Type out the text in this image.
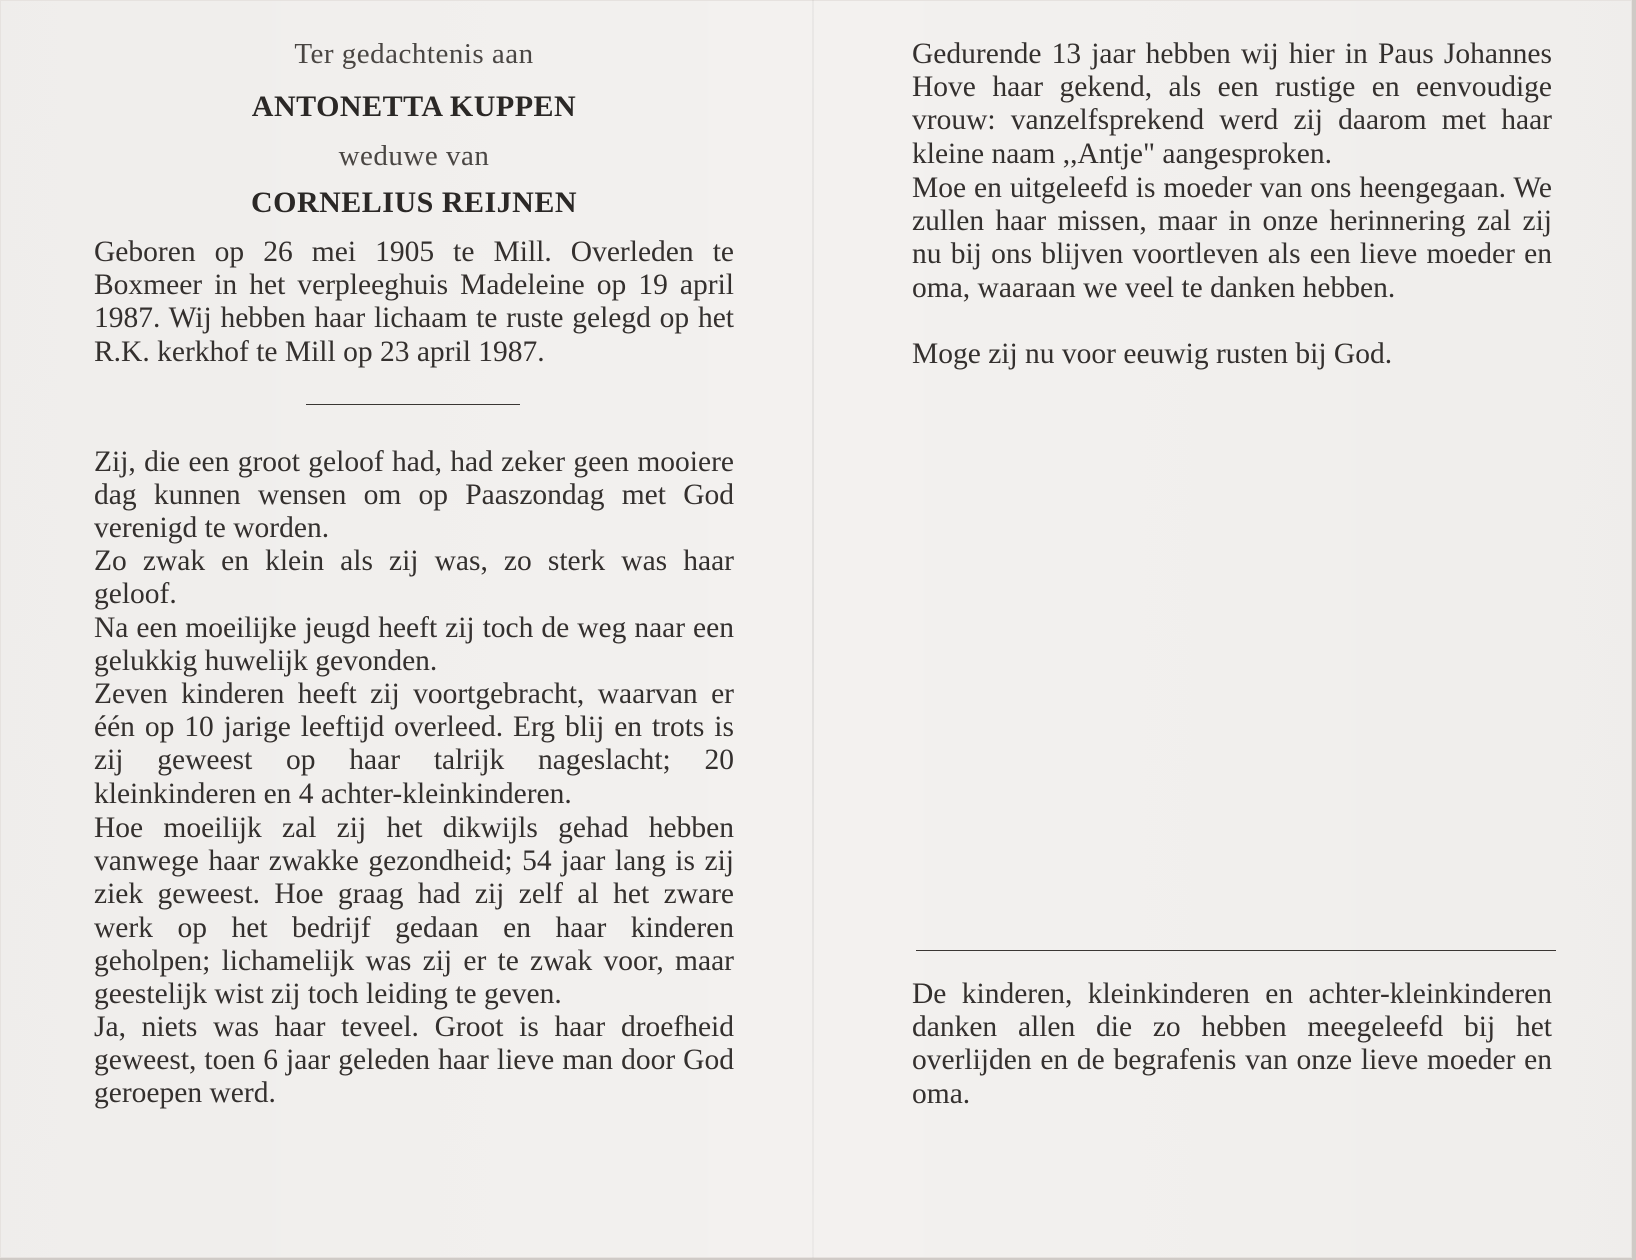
Ter gedachtenis aan
ANTONETTA KUPPEN
weduwe van
CORNELIUS REIJNEN
Geboren op 26 mei 1905 te Mill. Overleden te Boxmeer in het verpleeghuis Madeleine op 19 april 1987. Wij hebben haar lichaam te ruste gelegd op het R.K. kerkhof te Mill op 23 april 1987.
Zij, die een groot geloof had, had zeker geen mooiere dag kunnen wensen om op Paaszondag met God verenigd te worden.
Zo zwak en klein als zij was, zo sterk was haar geloof.
Na een moeilijke jeugd heeft zij toch de weg naar een gelukkig huwelijk gevonden.
Zeven kinderen heeft zij voortgebracht, waarvan er één op 10 jarige leeftijd overleed. Erg blij en trots is zij geweest op haar talrijk nageslacht; 20 kleinkinderen en 4 achter-kleinkinderen.
Hoe moeilijk zal zij het dikwijls gehad hebben vanwege haar zwakke gezondheid; 54 jaar lang is zij ziek geweest. Hoe graag had zij zelf al het zware werk op het bedrijf gedaan en haar kinderen geholpen; lichamelijk was zij er te zwak voor, maar geestelijk wist zij toch leiding te geven.
Ja, niets was haar teveel. Groot is haar droefheid geweest, toen 6 jaar geleden haar lieve man door God geroepen werd.
Gedurende 13 jaar hebben wij hier in Paus Johannes Hove haar gekend, als een rustige en eenvoudige vrouw: vanzelfsprekend werd zij daarom met haar kleine naam ,,Antje" aangesproken.
Moe en uitgeleefd is moeder van ons heengegaan. We zullen haar missen, maar in onze herinnering zal zij nu bij ons blijven voortleven als een lieve moeder en oma, waaraan we veel te danken hebben.
Moge zij nu voor eeuwig rusten bij God.
De kinderen, kleinkinderen en achter-kleinkinderen danken allen die zo hebben meegeleefd bij het overlijden en de begrafenis van onze lieve moeder en oma.
